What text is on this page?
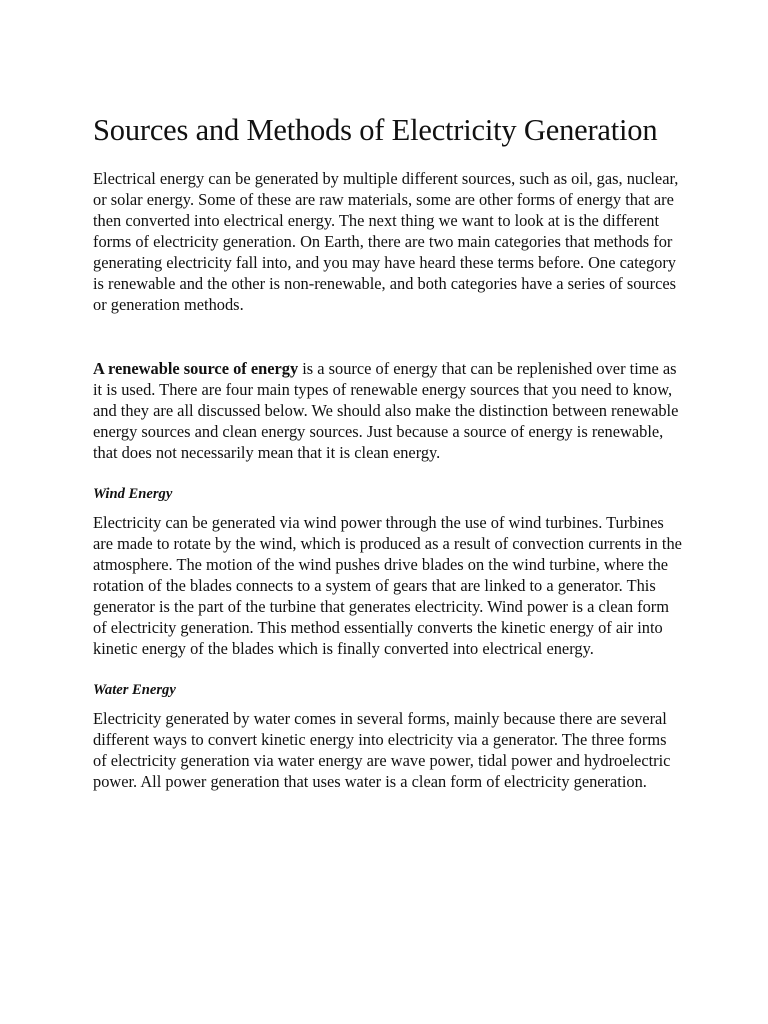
Sources and Methods of Electricity Generation

Electrical energy can be generated by multiple different sources, such as oil, gas, nuclear, or solar energy. Some of these are raw materials, some are other forms of energy that are then converted into electrical energy. The next thing we want to look at is the different forms of electricity generation. On Earth, there are two main categories that methods for generating electricity fall into, and you may have heard these terms before. One category is renewable and the other is non-renewable, and both categories have a series of sources or generation methods.

A renewable source of energy is a source of energy that can be replenished over time as it is used. There are four main types of renewable energy sources that you need to know, and they are all discussed below. We should also make the distinction between renewable energy sources and clean energy sources. Just because a source of energy is renewable, that does not necessarily mean that it is clean energy.

Wind Energy

Electricity can be generated via wind power through the use of wind turbines. Turbines are made to rotate by the wind, which is produced as a result of convection currents in the atmosphere. The motion of the wind pushes drive blades on the wind turbine, where the rotation of the blades connects to a system of gears that are linked to a generator. This generator is the part of the turbine that generates electricity. Wind power is a clean form of electricity generation. This method essentially converts the kinetic energy of air into kinetic energy of the blades which is finally converted into electrical energy.

Water Energy

Electricity generated by water comes in several forms, mainly because there are several different ways to convert kinetic energy into electricity via a generator. The three forms of electricity generation via water energy are wave power, tidal power and hydroelectric power. All power generation that uses water is a clean form of electricity generation.
